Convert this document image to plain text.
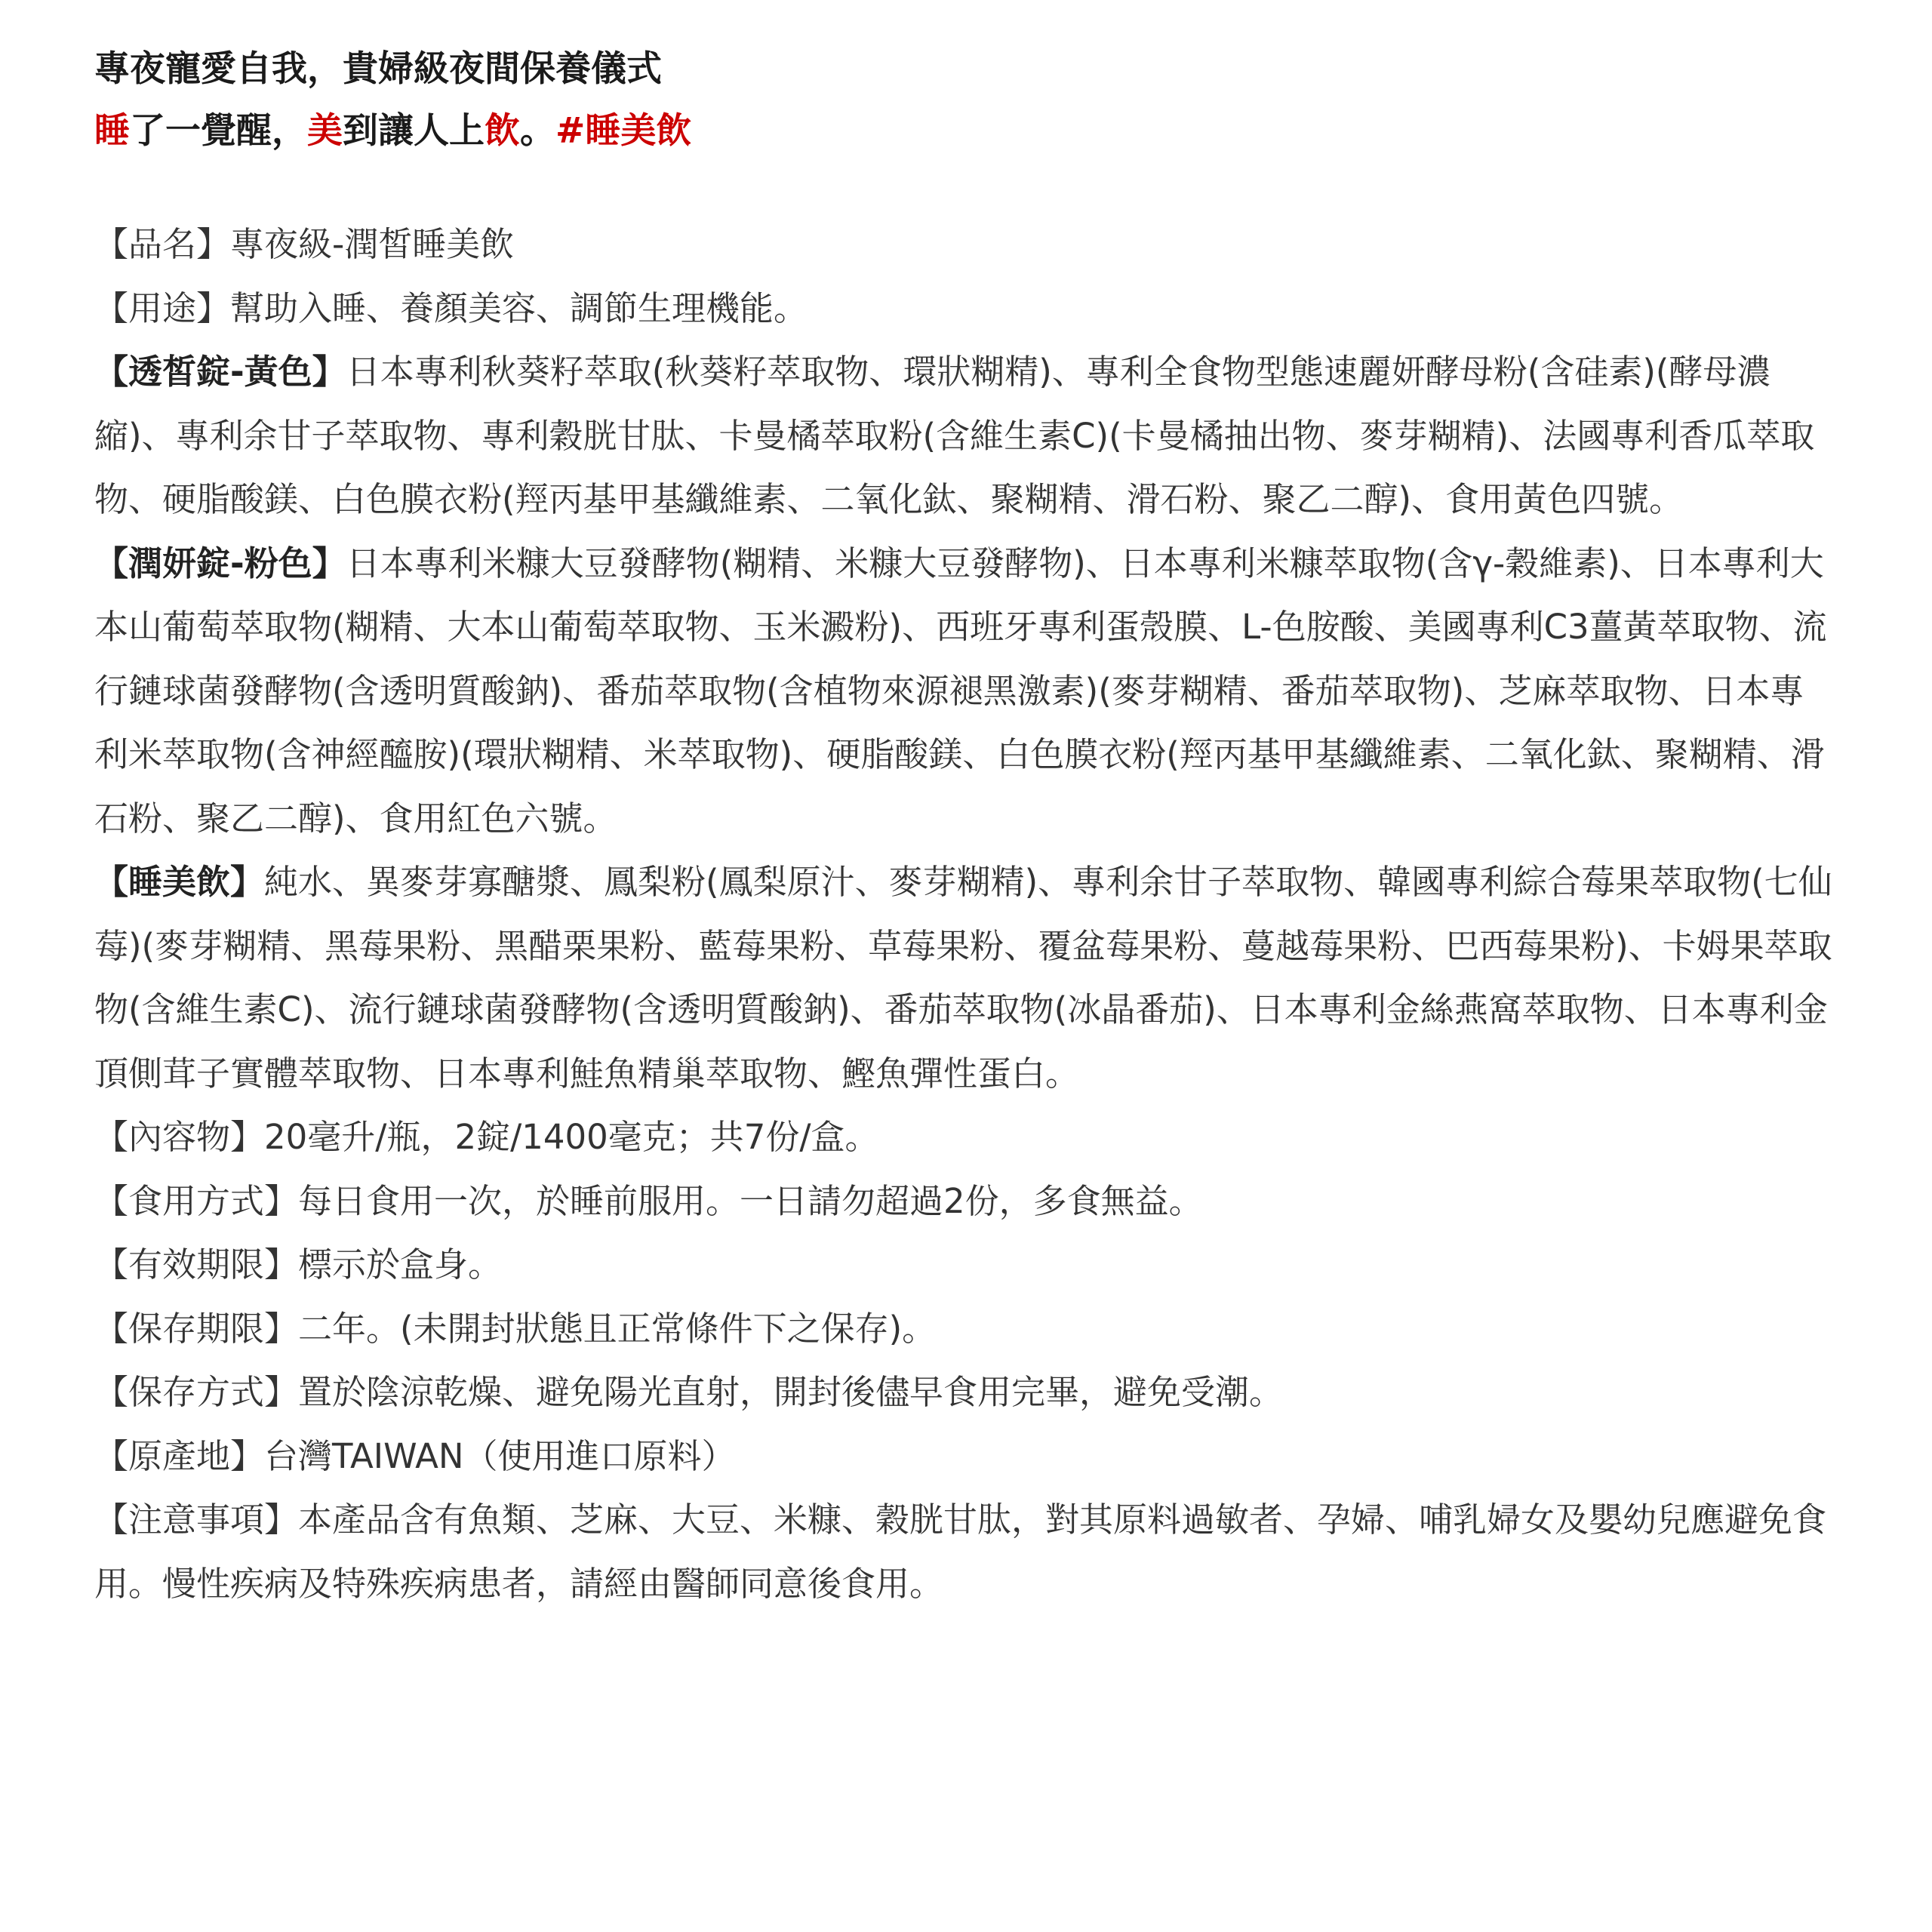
專夜寵愛自我，貴婦級夜間保養儀式

睡了一覺醒，美到讓人上飲。#睡美飲

【品名】專夜級-潤皙睡美飲
【用途】幫助入睡、養顏美容、調節生理機能。
【透皙錠-黃色】日本專利秋葵籽萃取(秋葵籽萃取物、環狀糊精)、專利全食物型態速麗妍酵母粉(含硅素)(酵母濃縮)、專利余甘子萃取物、專利穀胱甘肽、卡曼橘萃取粉(含維生素C)(卡曼橘抽出物、麥芽糊精)、法國專利香瓜萃取物、硬脂酸鎂、白色膜衣粉(羥丙基甲基纖維素、二氧化鈦、聚糊精、滑石粉、聚乙二醇)、食用黃色四號。
【潤妍錠-粉色】日本專利米糠大豆發酵物(糊精、米糠大豆發酵物)、日本專利米糠萃取物(含γ-穀維素)、日本專利大本山葡萄萃取物(糊精、大本山葡萄萃取物、玉米澱粉)、西班牙專利蛋殼膜、L-色胺酸、美國專利C3薑黃萃取物、流行鏈球菌發酵物(含透明質酸鈉)、番茄萃取物(含植物來源褪黑激素)(麥芽糊精、番茄萃取物)、芝麻萃取物、日本專利米萃取物(含神經醯胺)(環狀糊精、米萃取物)、硬脂酸鎂、白色膜衣粉(羥丙基甲基纖維素、二氧化鈦、聚糊精、滑石粉、聚乙二醇)、食用紅色六號。
【睡美飲】純水、異麥芽寡醣漿、鳳梨粉(鳳梨原汁、麥芽糊精)、專利余甘子萃取物、韓國專利綜合莓果萃取物(七仙莓)(麥芽糊精、黑莓果粉、黑醋栗果粉、藍莓果粉、草莓果粉、覆盆莓果粉、蔓越莓果粉、巴西莓果粉)、卡姆果萃取物(含維生素C)、流行鏈球菌發酵物(含透明質酸鈉)、番茄萃取物(冰晶番茄)、日本專利金絲燕窩萃取物、日本專利金頂側茸子實體萃取物、日本專利鮭魚精巢萃取物、鰹魚彈性蛋白。
【內容物】20毫升/瓶，2錠/1400毫克；共7份/盒。
【食用方式】每日食用一次，於睡前服用。一日請勿超過2份，多食無益。
【有效期限】標示於盒身。
【保存期限】二年。(未開封狀態且正常條件下之保存)。
【保存方式】置於陰涼乾燥、避免陽光直射，開封後儘早食用完畢，避免受潮。
【原產地】台灣TAIWAN（使用進口原料）
【注意事項】本產品含有魚類、芝麻、大豆、米糠、穀胱甘肽，對其原料過敏者、孕婦、哺乳婦女及嬰幼兒應避免食用。慢性疾病及特殊疾病患者，請經由醫師同意後食用。
